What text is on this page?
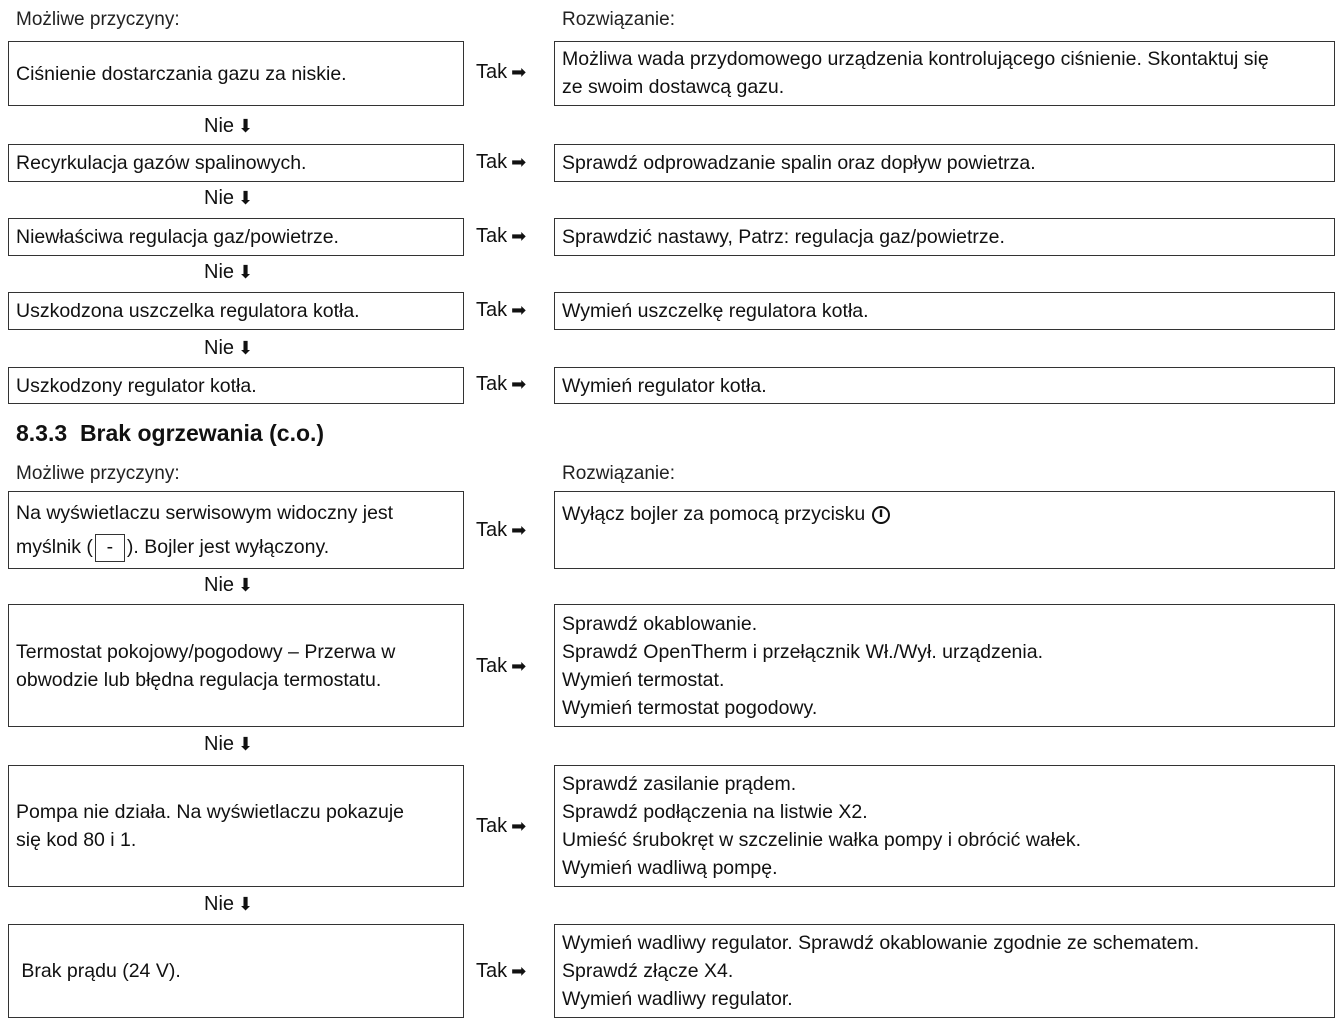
Możliwe przyczyny:	Rozwiązanie:
Ciśnienie dostarczania gazu za niskie.	Tak ➡
Możliwa wada przydomowego urządzenia kontrolującego ciśnienie. Skontaktuj się
ze swoim dostawcą gazu.
Nie ⬇
Recyrkulacja gazów spalinowych.	Tak ➡ Sprawdź odprowadzanie spalin oraz dopływ powietrza.
Nie ⬇
Niewłaściwa regulacja gaz/powietrze.	Tak ➡ Sprawdzić nastawy, Patrz: regulacja gaz/powietrze.
Nie ⬇
Uszkodzona uszczelka regulatora kotła.	Tak ➡ Wymień uszczelkę regulatora kotła.
Nie ⬇
Uszkodzony regulator kotła.	Tak ➡ Wymień regulator kotła.
8.3.3 Brak ogrzewania (c.o.)
Możliwe przyczyny:	Rozwiązanie:
Na wyświetlaczu serwisowym widoczny jest
myślnik ( - ). Bojler jest wyłączony.
Tak ➡
Wyłącz bojler za pomocą przycisku
Nie ⬇
Termostat pokojowy/pogodowy – Przerwa w
obwodzie lub błędna regulacja termostatu.
Tak ➡
Sprawdź okablowanie.
Sprawdź OpenTherm i przełącznik Wł./Wył. urządzenia.
Wymień termostat.
Wymień termostat pogodowy.
Nie ⬇
Pompa nie działa. Na wyświetlaczu pokazuje
się kod 80 i 1.
Tak ➡
Sprawdź zasilanie prądem.
Sprawdź podłączenia na listwie X2.
Umieść śrubokręt w szczelinie wałka pompy i obrócić wałek.
Wymień wadliwą pompę.
Nie ⬇
Brak prądu (24 V).	Tak ➡
Wymień wadliwy regulator. Sprawdź okablowanie zgodnie ze schematem.
Sprawdź złącze X4.
Wymień wadliwy regulator.
